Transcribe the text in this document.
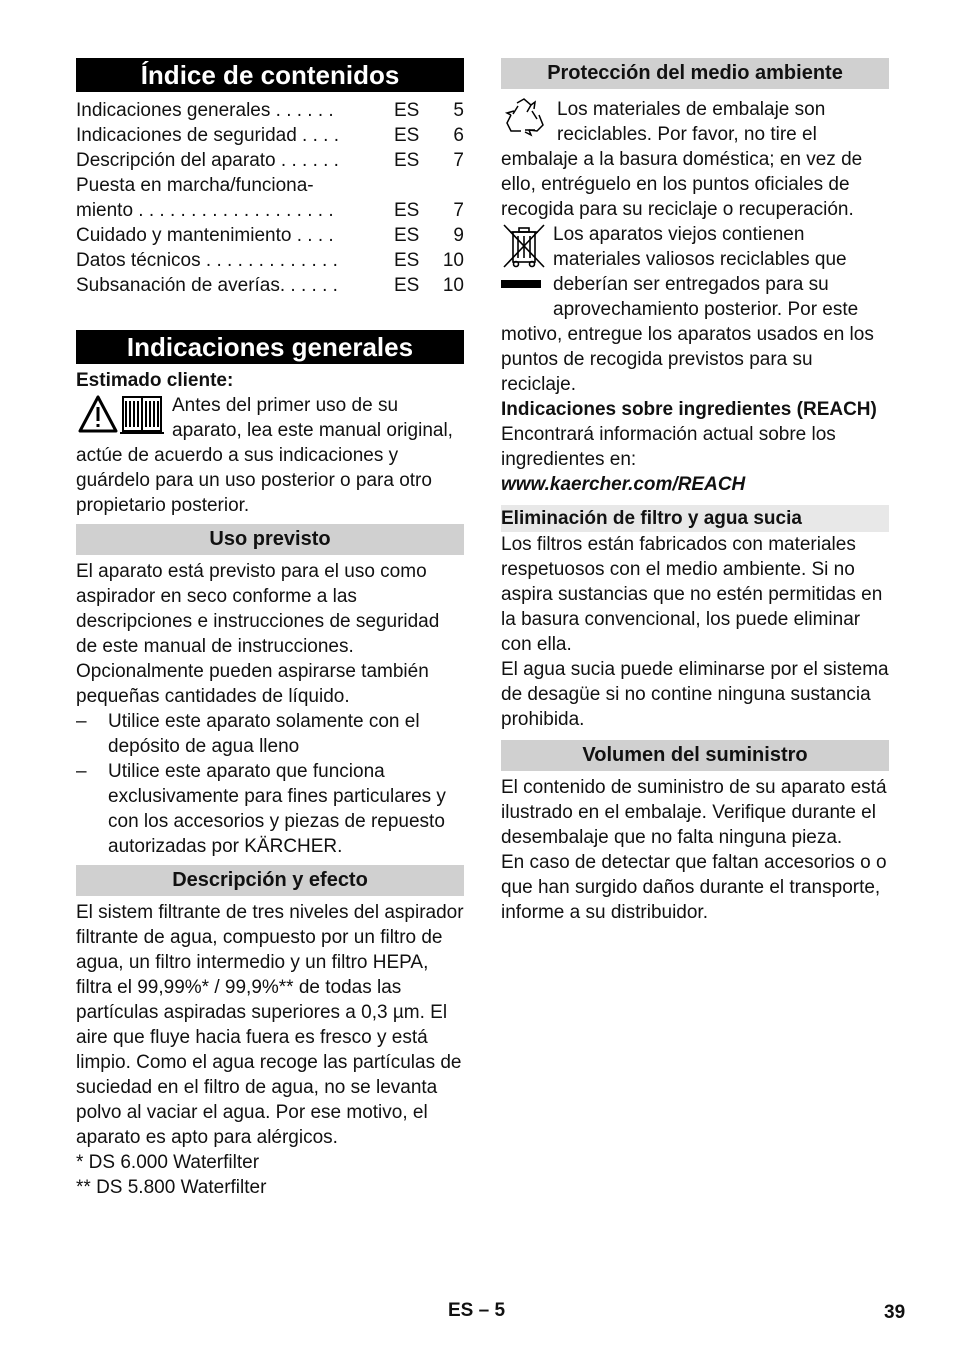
Índice de contenidos
Indicaciones generales . . . . . .	ES	5
Indicaciones de seguridad . . . .	ES	6
Descripción del aparato . . . . . .	ES	7
Puesta en marcha/funciona-
miento . . . . . . . . . . . . . . . . . . .	ES	7
Cuidado y mantenimiento . . . .	ES	9
Datos técnicos . . . . . . . . . . . . .	ES	10
Subsanación de averías. . . . . .	ES	10
Indicaciones generales

Estimado cliente:

Antes del primer uso de su aparato, lea este manual original, actúe de acuerdo a sus indicaciones y guárdelo para un uso posterior o para otro propietario posterior.

Uso previsto

El aparato está previsto para el uso como aspirador en seco conforme a las descripciones e instrucciones de seguridad de este manual de instrucciones.

Opcionalmente pueden aspirarse también pequeñas cantidades de líquido.

–	Utilice este aparato solamente con el depósito de agua lleno
–	Utilice este aparato que funciona exclusivamente para fines particulares y con los accesorios y piezas de repuesto autorizadas por KÄRCHER.
Descripción y efecto

El sistem filtrante de tres niveles del aspirador filtrante de agua, compuesto por un filtro de agua, un filtro intermedio y un filtro HEPA, filtra el 99,99%* / 99,9%** de todas las partículas aspiradas superiores a 0,3 µm. El aire que fluye hacia fuera es fresco y está limpio. Como el agua recoge las partículas de suciedad en el filtro de agua, no se levanta polvo al vaciar el agua. Por ese motivo, el aparato es apto para alérgicos.

* DS 6.000 Waterfilter
** DS 5.800 Waterfilter
Protección del medio ambiente

Los materiales de embalaje son reciclables. Por favor, no tire el embalaje a la basura doméstica; en vez de ello, entréguelo en los puntos oficiales de recogida para su reciclaje o recuperación.

Los aparatos viejos contienen materiales valiosos reciclables que deberían ser entregados para su aprovechamiento posterior. Por este motivo, entregue los aparatos usados en los puntos de recogida previstos para su reciclaje.

Indicaciones sobre ingredientes (REACH)

Encontrará información actual sobre los ingredientes en:

www.kaercher.com/REACH

Eliminación de filtro y agua sucia

Los filtros están fabricados con materiales respetuosos con el medio ambiente. Si no aspira sustancias que no estén permitidas en la basura convencional, los puede eliminar con ella.

El agua sucia puede eliminarse por el sistema de desagüe si no contine ninguna sustancia prohibida.

Volumen del suministro

El contenido de suministro de su aparato está ilustrado en el embalaje. Verifique durante el desembalaje que no falta ninguna pieza.

En caso de detectar que faltan accesorios o o que han surgido daños durante el transporte, informe a su distribuidor.

ES – 5	39
